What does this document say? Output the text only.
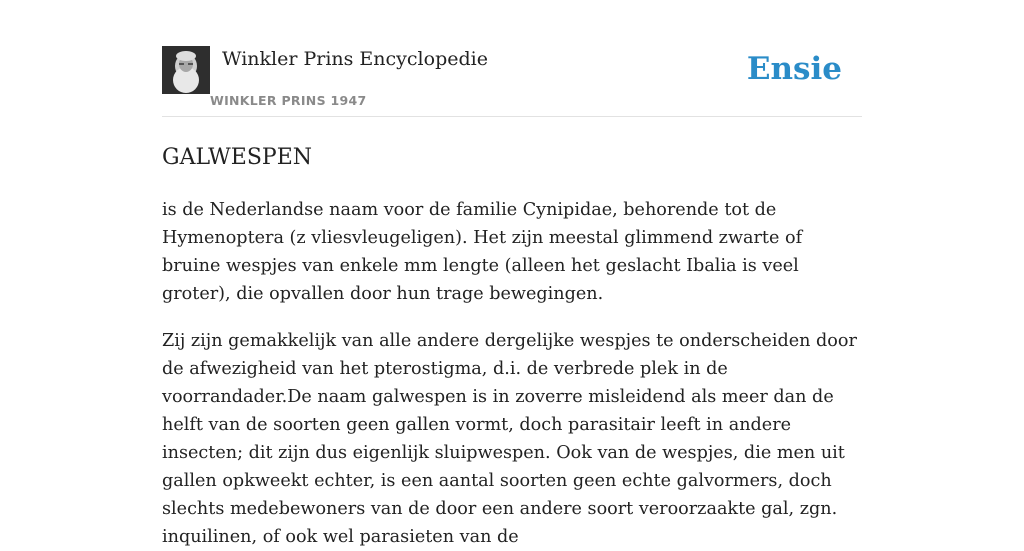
Winkler Prins Encyclopedie
WINKLER PRINS 1947
Ensie
GALWESPEN

is de Nederlandse naam voor de familie Cynipidae, behorende tot de Hymenoptera (z vliesvleugeligen). Het zijn meestal glimmend zwarte of bruine wespjes van enkele mm lengte (alleen het geslacht Ibalia is veel groter), die opvallen door hun trage bewegingen.

Zij zijn gemakkelijk van alle andere dergelijke wespjes te onderscheiden door de afwezigheid van het pterostigma, d.i. de verbrede plek in de voorrandader.De naam galwespen is in zoverre misleidend als meer dan de helft van de soorten geen gallen vormt, doch parasitair leeft in andere insecten; dit zijn dus eigenlijk sluipwespen. Ook van de wespjes, die men uit gallen opkweekt echter, is een aantal soorten geen echte galvormers, doch slechts medebewoners van de door een andere soort veroorzaakte gal, zgn. inquilinen, of ook wel parasieten van de
